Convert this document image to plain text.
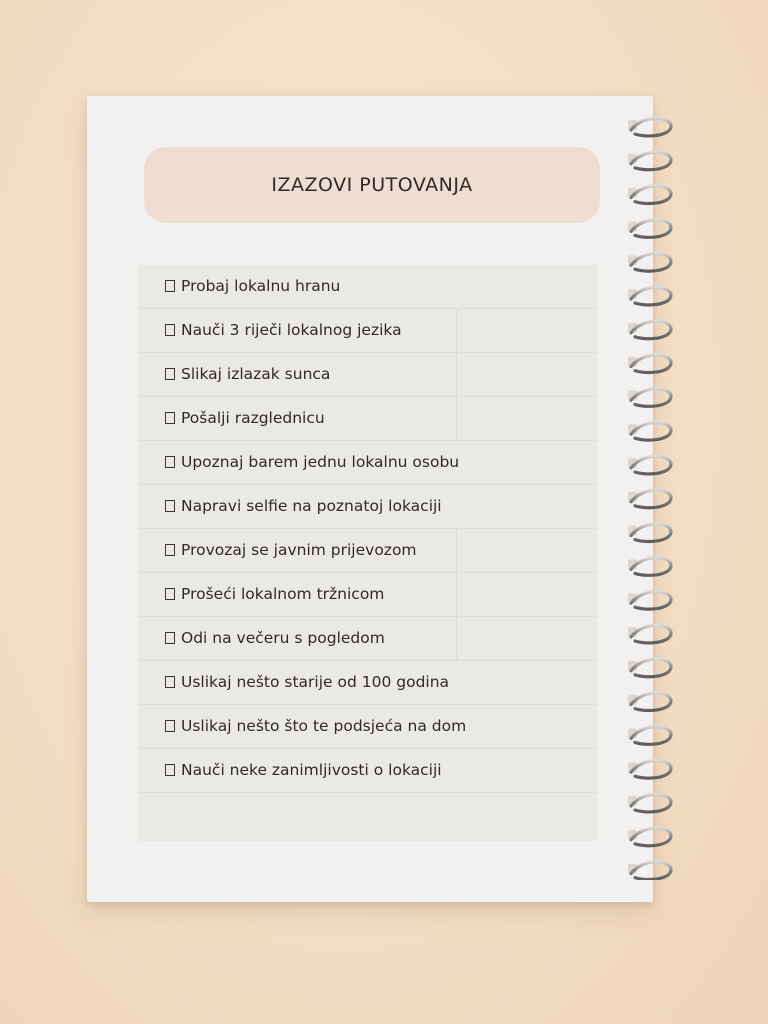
IZAZOVI PUTOVANJA
Probaj lokalnu hranu
Nauči 3 riječi lokalnog jezika
Slikaj izlazak sunca
Pošalji razglednicu
Upoznaj barem jednu lokalnu osobu
Napravi selfie na poznatoj lokaciji
Provozaj se javnim prijevozom
Prošeći lokalnom tržnicom
Odi na večeru s pogledom
Uslikaj nešto starije od 100 godina
Uslikaj nešto što te podsjeća na dom
Nauči neke zanimljivosti o lokaciji
